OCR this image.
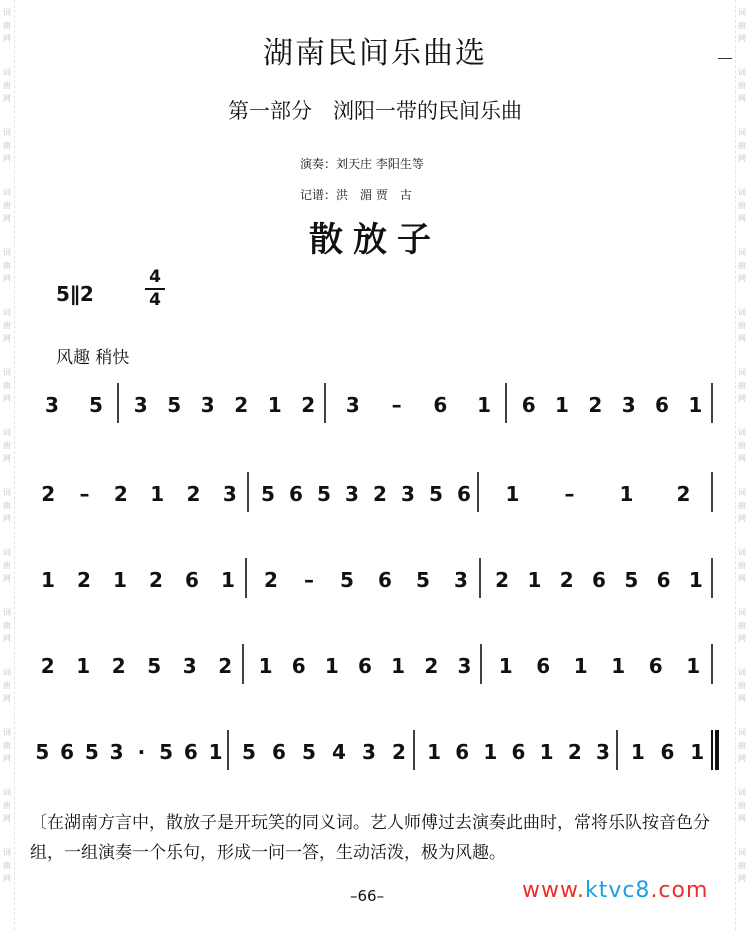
词
曲
网
词
曲
网
词
曲
网
词
曲
网
词
曲
网
词
曲
网
词
曲
网
词
曲
网
词
曲
网
词
曲
网
词
曲
网
词
曲
网
词
曲
网
词
曲
网
词
曲
网
词
曲
网
词
曲
网
词
曲
网
词
曲
网
词
曲
网
词
曲
网
词
曲
网
词
曲
网
词
曲
网
词
曲
网
词
曲
网
词
曲
网
词
曲
网
词
曲
网
词
曲
网
湖南民间乐曲选
第一部分　浏阳一带的民间乐曲
演奏：刘天庄 李阳生等
记谱：洪　湄 贾　古
散放子
5∥2
4
4
风趣 稍快
3 5 3 5 3 2 1 2 3 – 6 1 6 1 2 3 6 1
2 – 2 1 2 3 5 6 5 3 2 3 5 6 1 – 1 2
1 2 1 2 6 1 2 – 5 6 5 3 2 1 2 6 5 6 1
2 1 2 5 3 2 1 6 1 6 1 2 3 1 6 1 1 6 1
5 6 5 3 · 5 6 1 5 6 5 4 3 2 1 6 1 6 1 2 3 1 6 1
〔在湖南方言中，散放子是开玩笑的同义词。艺人师傅过去演奏此曲时，常将乐队按音色分组，一组演奏一个乐句，形成一问一答，生动活泼，极为风趣。
–66–	www.ktvc8.com
